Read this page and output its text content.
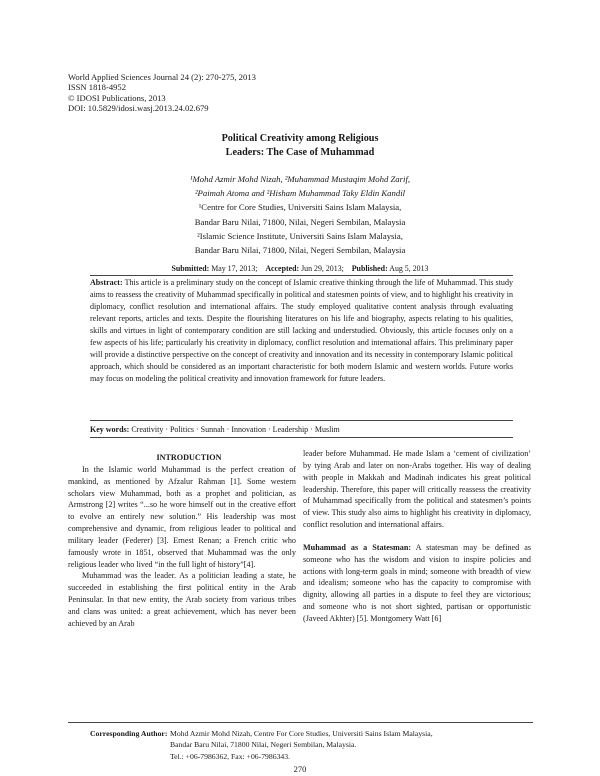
World Applied Sciences Journal 24 (2): 270-275, 2013
ISSN 1818-4952
© IDOSI Publications, 2013
DOI: 10.5829/idosi.wasj.2013.24.02.679
Political Creativity among Religious
Leaders: The Case of Muhammad
¹Mohd Azmir Mohd Nizah, ²Muhammad Mustaqim Mohd Zarif,
²Paimah Atoma and ²Hisham Muhammad Taky Eldin Kandil
¹Centre for Core Studies, Universiti Sains Islam Malaysia,
Bandar Baru Nilai, 71800, Nilai, Negeri Sembilan, Malaysia
²Islamic Science Institute, Universiti Sains Islam Malaysia,
Bandar Baru Nilai, 71800, Nilai, Negeri Sembilan, Malaysia
Submitted: May 17, 2013; Accepted: Jun 29, 2013; Published: Aug 5, 2013
Abstract: This article is a preliminary study on the concept of Islamic creative thinking through the life of Muhammad. This study aims to reassess the creativity of Muhammad specifically in political and statesmen points of view, and to highlight his creativity in diplomacy, conflict resolution and international affairs. The study employed qualitative content analysis through evaluating relevant reports, articles and texts. Despite the flourishing literatures on his life and biography, aspects relating to his qualities, skills and virtues in light of contemporary condition are still lacking and understudied. Obviously, this article focuses only on a few aspects of his life; particularly his creativity in diplomacy, conflict resolution and international affairs. This preliminary paper will provide a distinctive perspective on the concept of creativity and innovation and its necessity in contemporary Islamic political approach, which should be considered as an important characteristic for both modern Islamic and western worlds. Future works may focus on modeling the political creativity and innovation framework for future leaders.
Key words: Creativity · Politics · Sunnah · Innovation · Leadership · Muslim

INTRODUCTION

In the Islamic world Muhammad is the perfect creation of mankind, as mentioned by Afzalur Rahman [1]. Some western scholars view Muhammad, both as a prophet and politician, as Armstrong [2] writes “...so he wore himself out in the creative effort to evolve an entirely new solution.” His leadership was most comprehensive and dynamic, from religious leader to political and military leader (Federer) [3]. Ernest Renan; a French critic who famously wrote in 1851, observed that Muhammad was the only religious leader who lived “in the full light of history”[4].

Muhammad was the leader. As a politician leading a state, he succeeded in establishing the first political entity in the Arab Peninsular. In that new entity, the Arab society from various tribes and clans was united: a great achievement, which has never been achieved by an Arab

leader before Muhammad. He made Islam a ‘cement of civilization’ by tying Arab and later on non-Arabs together. His way of dealing with people in Makkah and Madinah indicates his great political leadership. Therefore, this paper will critically reassess the creativity of Muhammad specifically from the political and statesmen’s points of view. This study also aims to highlight his creativity in diplomacy, conflict resolution and international affairs.

Muhammad as a Statesman: A statesman may be defined as someone who has the wisdom and vision to inspire policies and actions with long-term goals in mind; someone with breadth of view and idealism; someone who has the capacity to compromise with dignity, allowing all parties in a dispute to feel they are victorious; and someone who is not short sighted, partisan or opportunistic (Javeed Akhter) [5]. Montgomery Watt [6]

Corresponding Author: Mohd Azmir Mohd Nizah, Centre For Core Studies, Universiti Sains Islam Malaysia,
Bandar Baru Nilai, 71800 Nilai, Negeri Sembilan, Malaysia.
Tel.: +06-7986362, Fax: +06-7986343.
270
